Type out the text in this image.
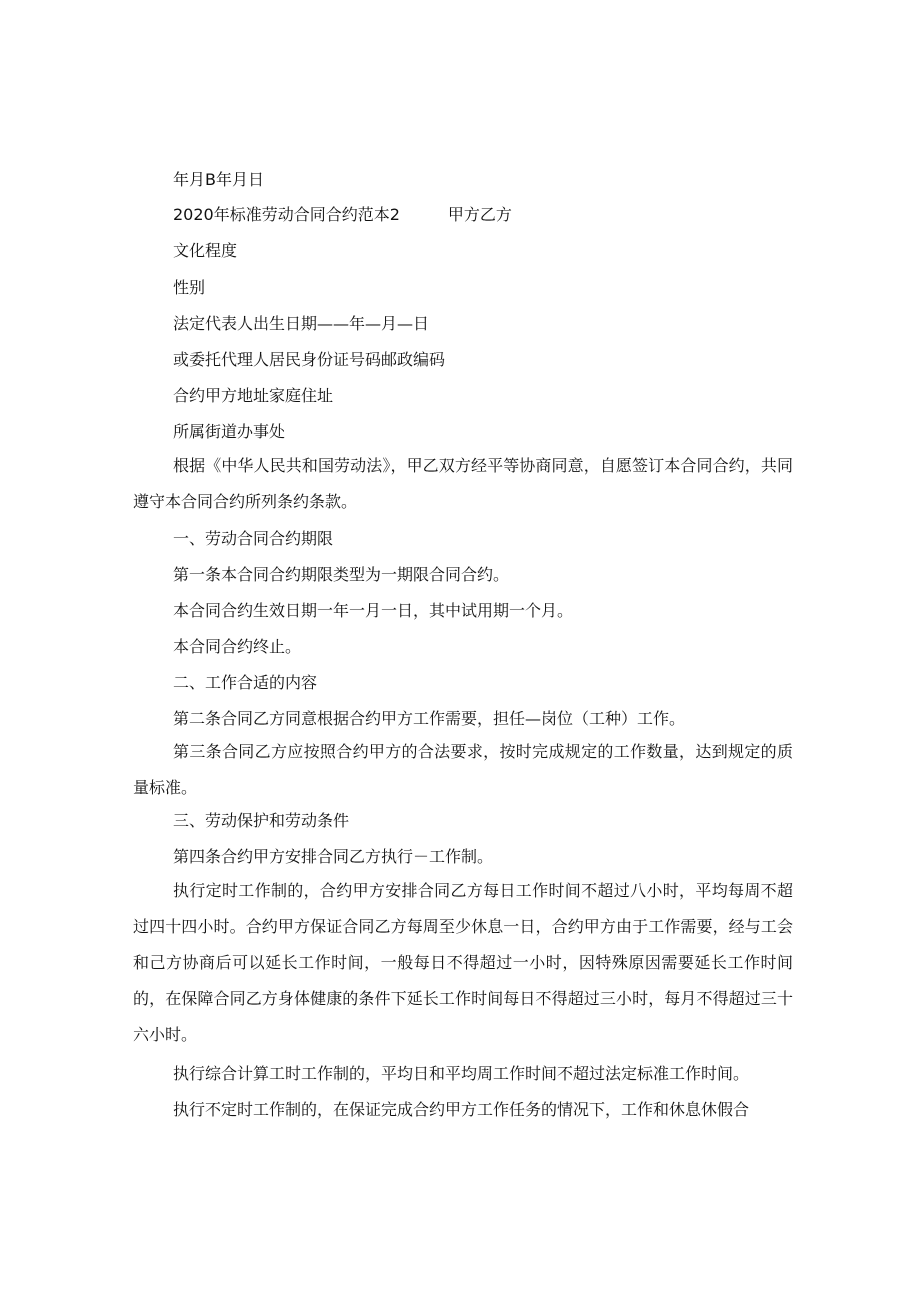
年月B年月日
2020年标准劳动合同合约范本2	甲方乙方
文化程度
性别
法定代表人出生日期——年—月—日
或委托代理人居民身份证号码邮政编码
合约甲方地址家庭住址
所属街道办事处

根据《中华人民共和国劳动法》，甲乙双方经平等协商同意，自愿签订本合同合约，共同遵守本合同合约所列条约条款。

一、劳动合同合约期限
第一条本合同合约期限类型为一期限合同合约。
本合同合约生效日期一年一月一日，其中试用期一个月。
本合同合约终止。
二、工作合适的内容
第二条合同乙方同意根据合约甲方工作需要，担任—岗位（工种）工作。

第三条合同乙方应按照合约甲方的合法要求，按时完成规定的工作数量，达到规定的质量标准。

三、劳动保护和劳动条件
第四条合约甲方安排合同乙方执行－工作制。

执行定时工作制的，合约甲方安排合同乙方每日工作时间不超过八小时，平均每周不超过四十四小时。合约甲方保证合同乙方每周至少休息一日，合约甲方由于工作需要，经与工会和己方协商后可以延长工作时间，一般每日不得超过一小时，因特殊原因需要延长工作时间的，在保障合同乙方身体健康的条件下延长工作时间每日不得超过三小时，每月不得超过三十六小时。

执行综合计算工时工作制的，平均日和平均周工作时间不超过法定标准工作时间。
执行不定时工作制的，在保证完成合约甲方工作任务的情况下，工作和休息休假合
